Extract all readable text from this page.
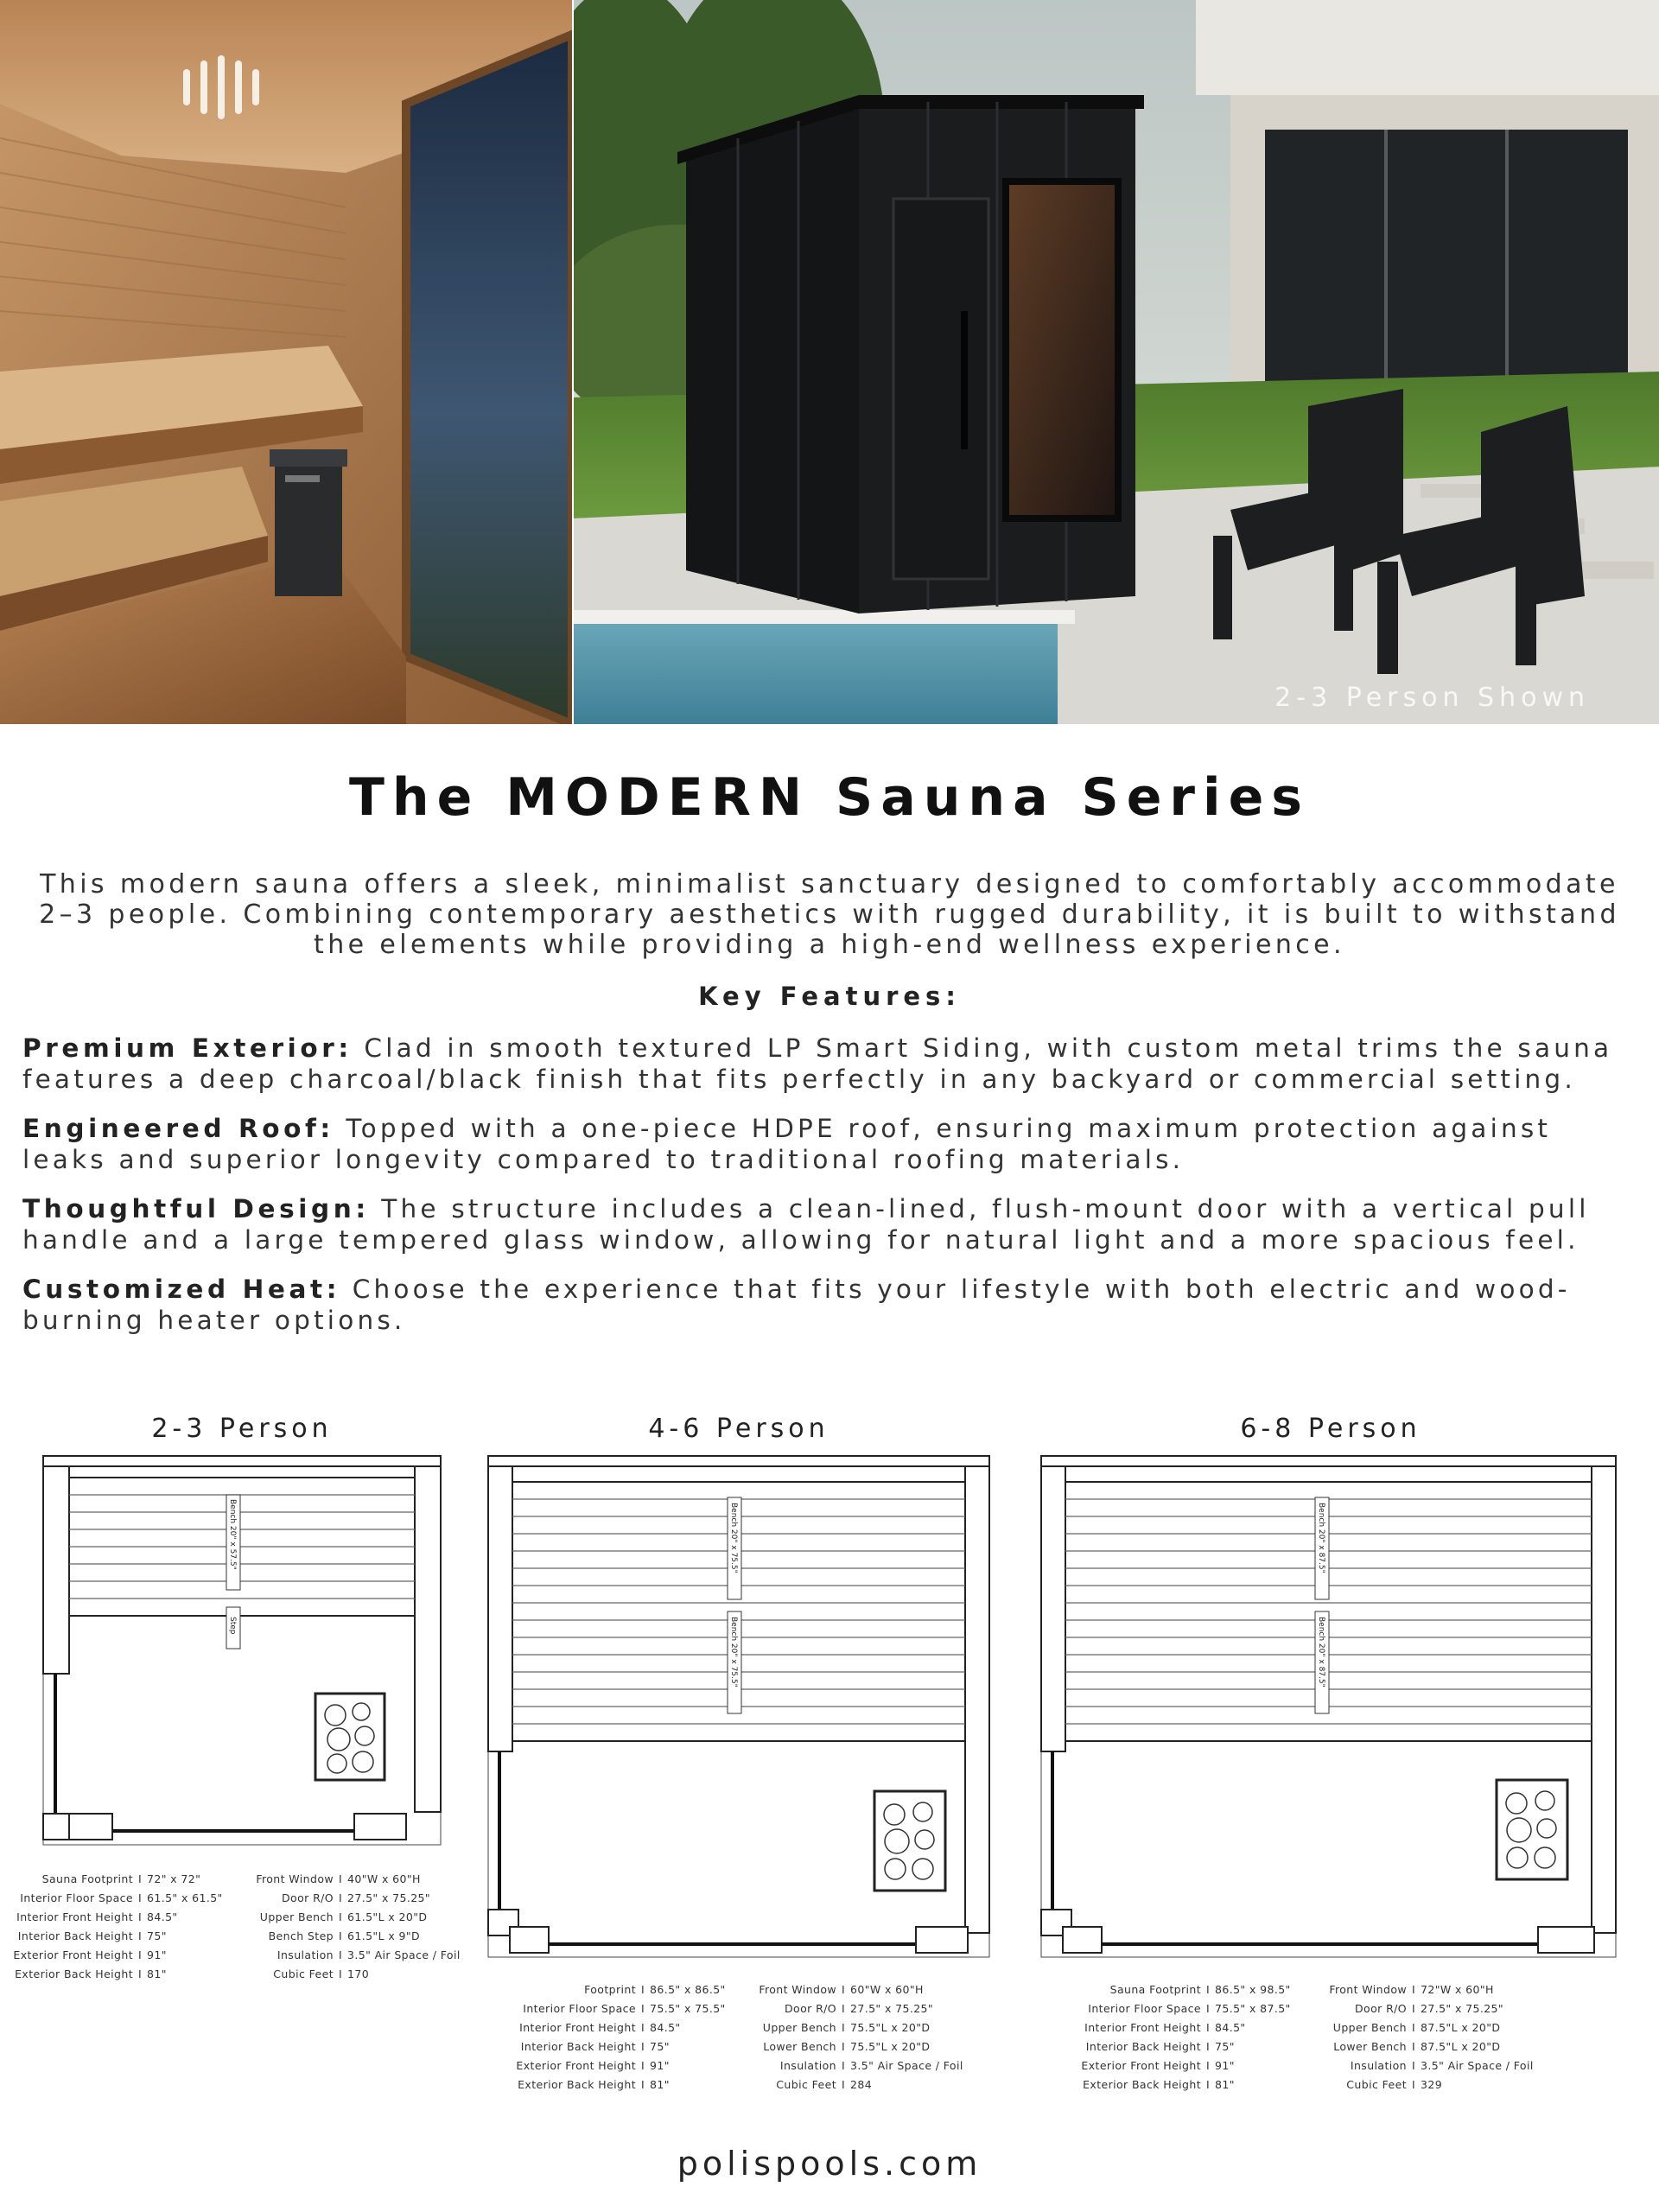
2-3 Person Shown
The MODERN Sauna Series

This modern sauna offers a sleek, minimalist sanctuary designed to comfortably accommodate 2–3 people. Combining contemporary aesthetics with rugged durability, it is built to withstand the elements while providing a high-end wellness experience.

Key Features:

Premium Exterior: Clad in smooth textured LP Smart Siding, with custom metal trims the sauna features a deep charcoal/black finish that fits perfectly in any backyard or commercial setting.

Engineered Roof: Topped with a one-piece HDPE roof, ensuring maximum protection against leaks and superior longevity compared to traditional roofing materials.

Thoughtful Design: The structure includes a clean-lined, flush-mount door with a vertical pull handle and a large tempered glass window, allowing for natural light and a more spacious feel.

Customized Heat: Choose the experience that fits your lifestyle with both electric and wood-burning heater options.

2-3 Person
Bench 20" x 57.5"
Step
4-6 Person
Bench 20" x 75.5"
Bench 20" x 75.5"
6-8 Person
Bench 20" x 87.5"
Bench 20" x 87.5"
Sauna Footprint I 72" x 72"
Interior Floor Space I 61.5" x 61.5"
Interior Front Height I 84.5"
Interior Back Height I 75"
Exterior Front Height I 91"
Exterior Back Height I 81"
Front Window I 40"W x 60"H
Door R/O I 27.5" x 75.25"
Upper Bench I 61.5"L x 20"D
Bench Step I 61.5"L x 9"D
Insulation I 3.5" Air Space / Foil
Cubic Feet I 170
Footprint I 86.5" x 86.5"
Interior Floor Space I 75.5" x 75.5"
Interior Front Height I 84.5"
Interior Back Height I 75"
Exterior Front Height I 91"
Exterior Back Height I 81"
Front Window I 60"W x 60"H
Door R/O I 27.5" x 75.25"
Upper Bench I 75.5"L x 20"D
Lower Bench I 75.5"L x 20"D
Insulation I 3.5" Air Space / Foil
Cubic Feet I 284
Sauna Footprint I 86.5" x 98.5"
Interior Floor Space I 75.5" x 87.5"
Interior Front Height I 84.5"
Interior Back Height I 75"
Exterior Front Height I 91"
Exterior Back Height I 81"
Front Window I 72"W x 60"H
Door R/O I 27.5" x 75.25"
Upper Bench I 87.5"L x 20"D
Lower Bench I 87.5"L x 20"D
Insulation I 3.5" Air Space / Foil
Cubic Feet I 329
polispools.com
